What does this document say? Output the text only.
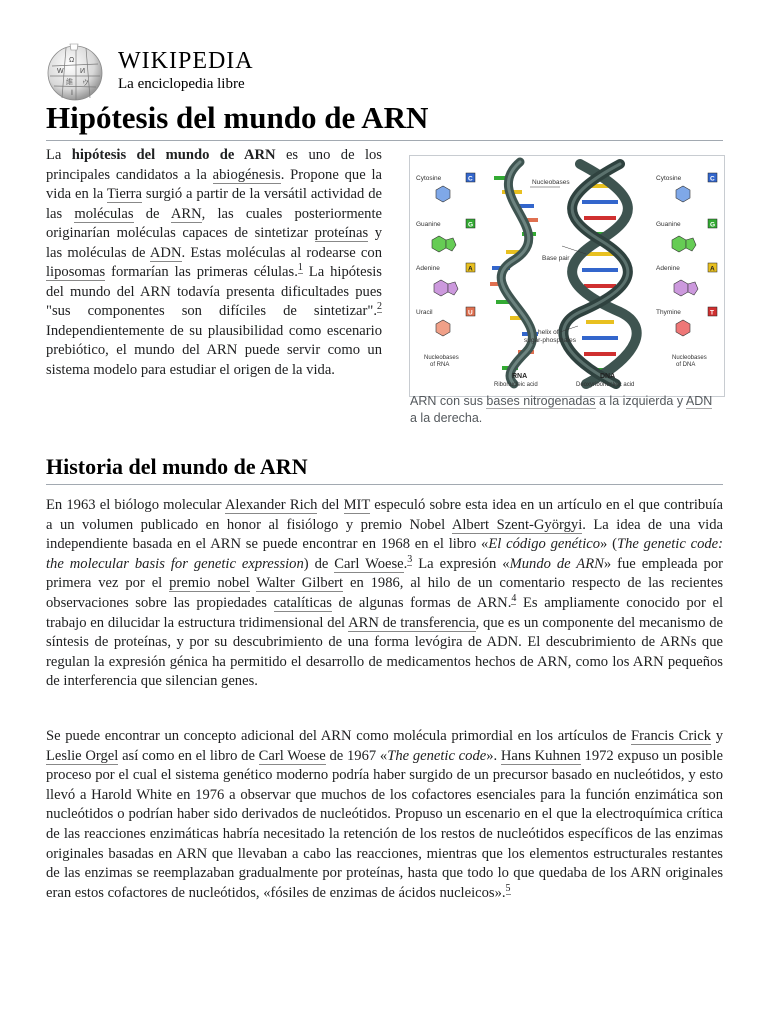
W
Ω
И
維 ウ
ا
WIKIPEDIA
La enciclopedia libre
Hipótesis del mundo de ARN

La hipótesis del mundo de ARN es uno de los principales candidatos a la abiogénesis. Propone que la vida en la Tierra surgió a partir de la versátil actividad de las moléculas de ARN, las cuales posteriormente originarían moléculas capaces de sintetizar proteínas y las moléculas de ADN. Estas moléculas al rodearse con liposomas formarían las primeras células.$^1$ La hipótesis del mundo del ARN todavía presenta dificultades pues "sus componentes son difíciles de sintetizar".$^2$ Independientemente de su plausibilidad como escenario prebiótico, el mundo del ARN puede servir como un sistema modelo para estudiar el origen de la vida.

Cytosine	C
Guanine	G
Adenine	A
Uracil	U
Nucleobases
of RNA
Nucleobases
Base pair
helix of
sugar-phosphates
RNA
Ribonucleic acid
DNA
Deoxyribonucleic acid
Cytosine	C
Guanine	G
Adenine	A
Thymine	T
Nucleobases
of DNA
ARN con sus bases nitrogenadas a la izquierda y ADN a la derecha.
Historia del mundo de ARN

En 1963 el biólogo molecular Alexander Rich del MIT especuló sobre esta idea en un artículo en el que contribuía a un volumen publicado en honor al fisiólogo y premio Nobel Albert Szent-Györgyi. La idea de una vida independiente basada en el ARN se puede encontrar en 1968 en el libro «El código genético» (The genetic code: the molecular basis for genetic expression) de Carl Woese.$^3$ La expresión «Mundo de ARN» fue empleada por primera vez por el premio nobel Walter Gilbert en 1986, al hilo de un comentario respecto de las recientes observaciones sobre las propiedades catalíticas de algunas formas de ARN.$^4$ Es ampliamente conocido por el trabajo en dilucidar la estructura tridimensional del ARN de transferencia, que es un componente del mecanismo de síntesis de proteínas, y por su descubrimiento de una forma levógira de ADN. El descubrimiento de ARNs que regulan la expresión génica ha permitido el desarrollo de medicamentos hechos de ARN, como los ARN pequeños de interferencia que silencian genes.

Se puede encontrar un concepto adicional del ARN como molécula primordial en los artículos de Francis Crick y Leslie Orgel así como en el libro de Carl Woese de 1967 «The genetic code». Hans Kuhnen 1972 expuso un posible proceso por el cual el sistema genético moderno podría haber surgido de un precursor basado en nucleótidos, y esto llevó a Harold White en 1976 a observar que muchos de los cofactores esenciales para la función enzimática son nucleótidos o podrían haber sido derivados de nucleótidos. Propuso un escenario en el que la electroquímica crítica de las reacciones enzimáticas habría necesitado la retención de los restos de nucleótidos específicos de las enzimas originales basadas en ARN que llevaban a cabo las reacciones, mientras que los elementos estructurales restantes de las enzimas se reemplazaban gradualmente por proteínas, hasta que todo lo que quedaba de los ARN originales eran estos cofactores de nucleótidos, «fósiles de enzimas de ácidos nucleicos».$^5$
